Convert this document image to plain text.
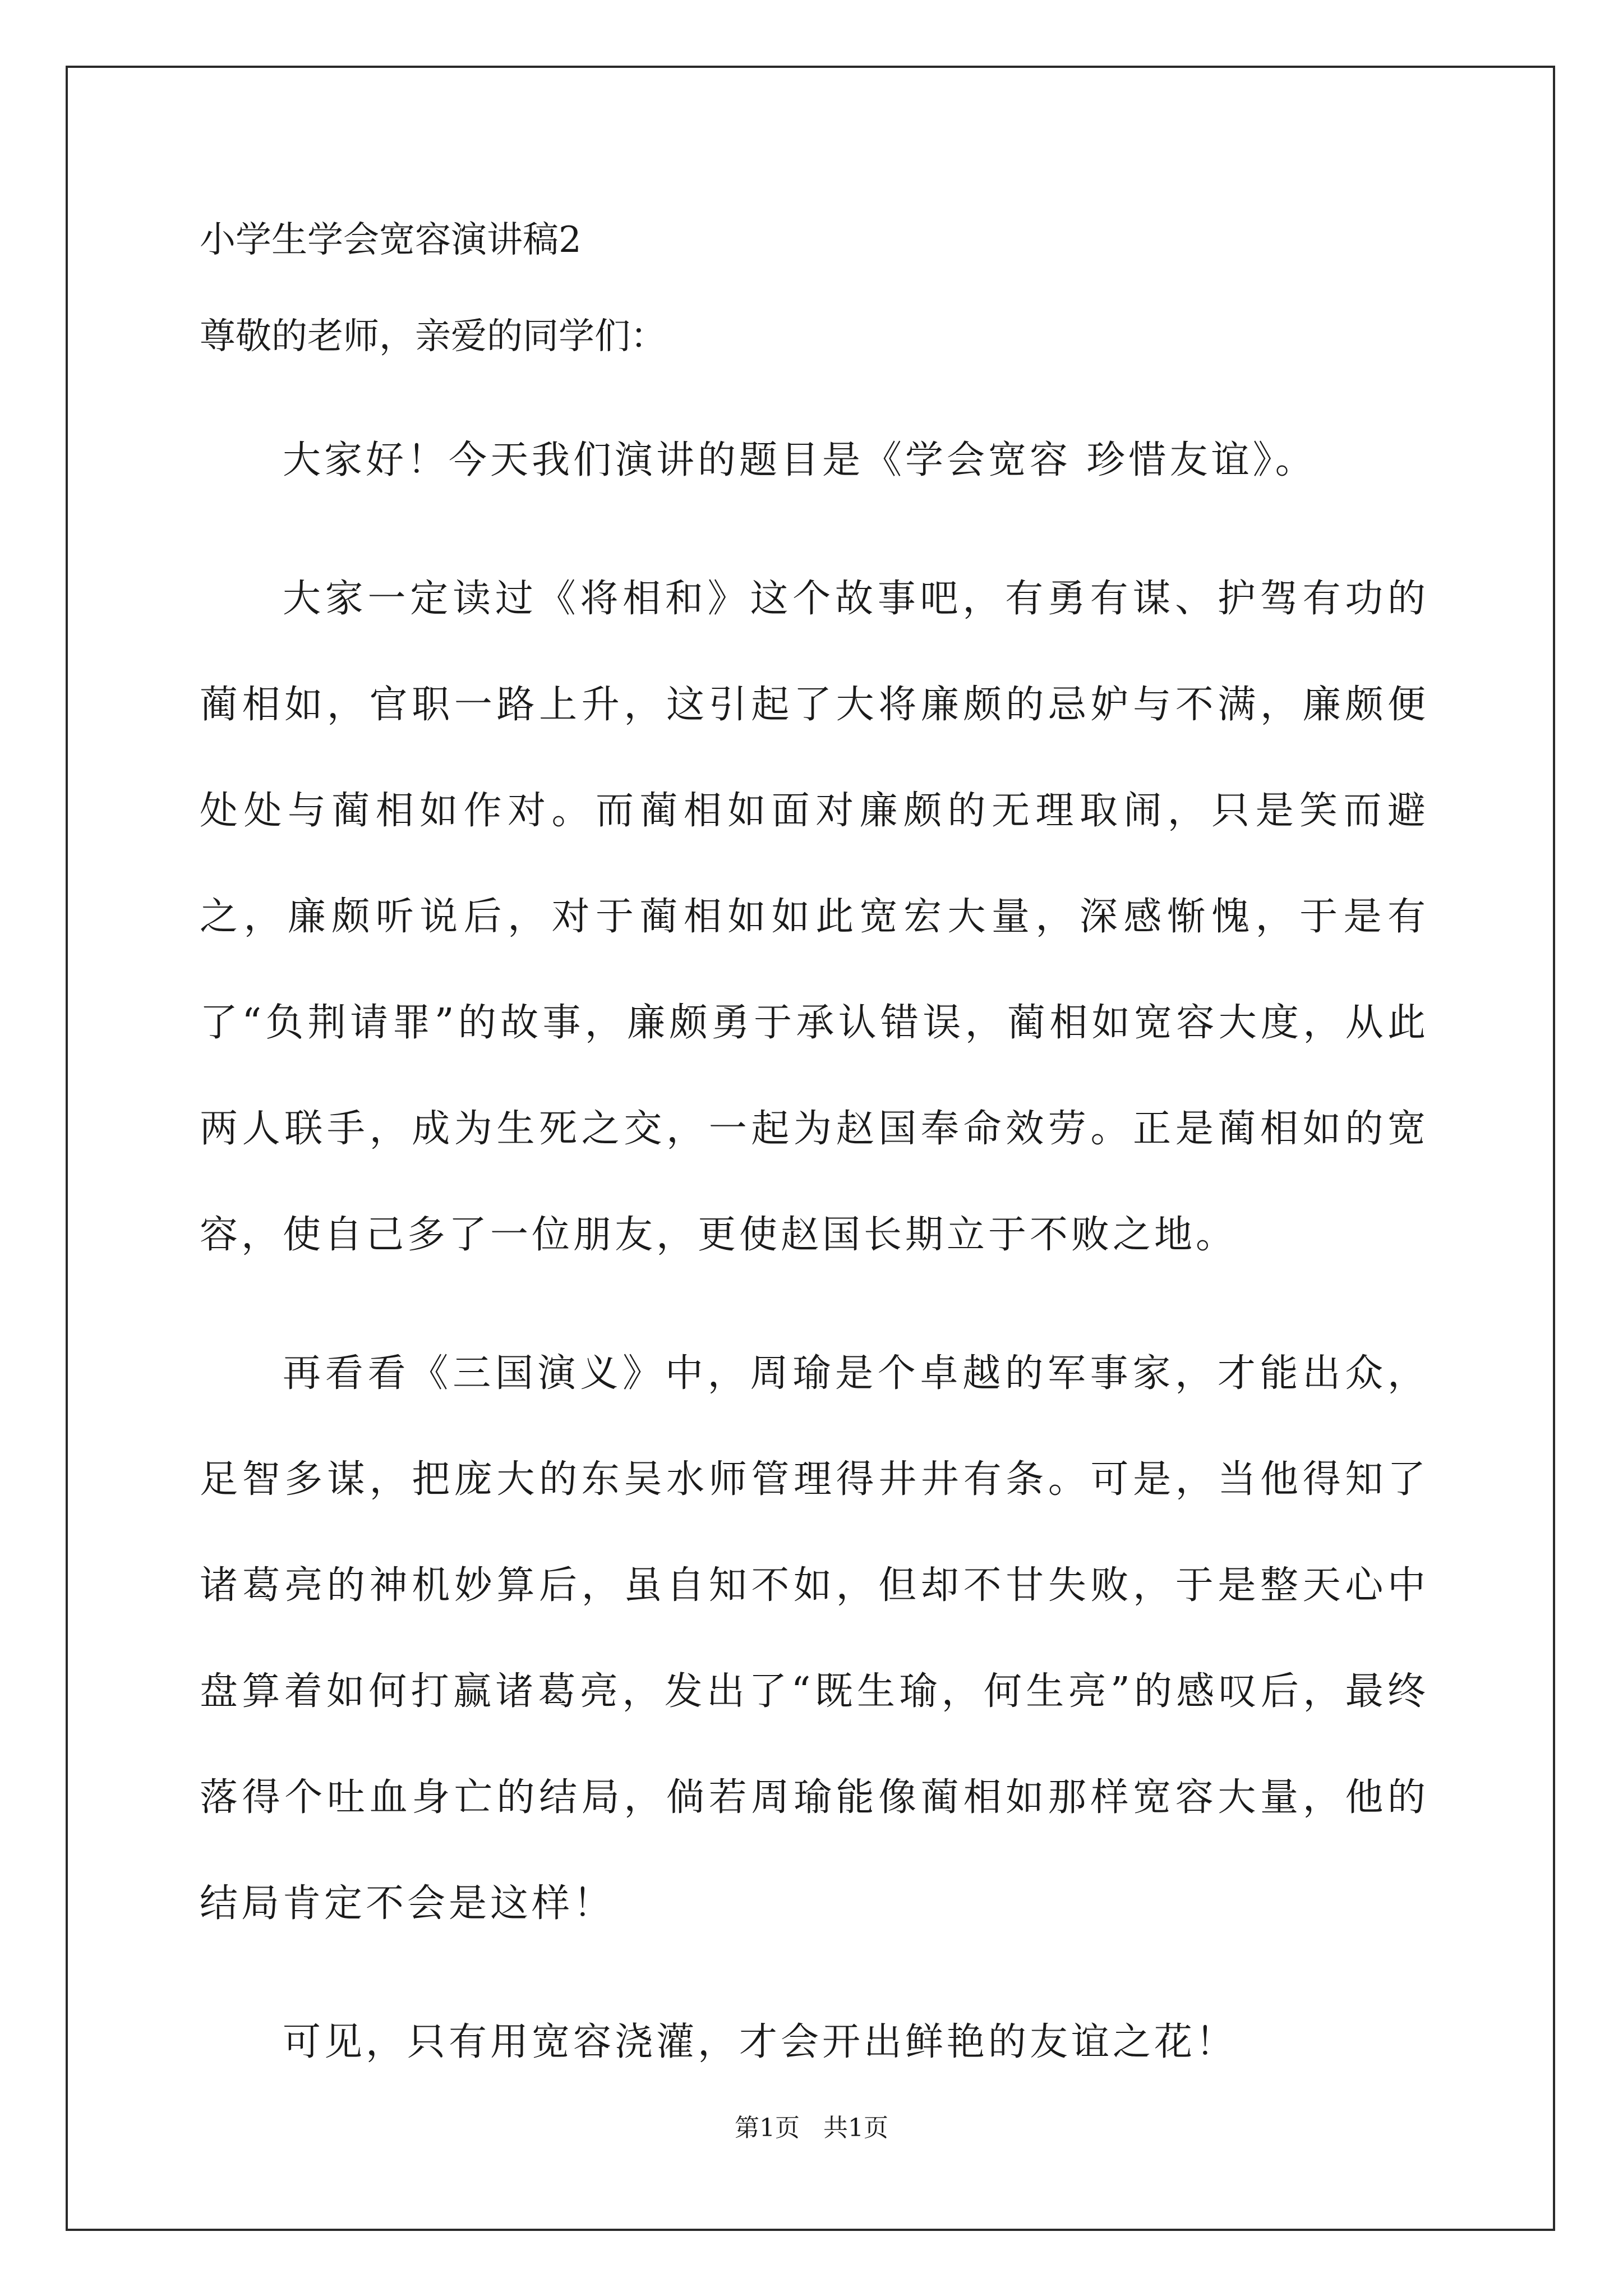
小学生学会宽容演讲稿2
尊敬的老师，亲爱的同学们：

大家好！今天我们演讲的题目是《学会宽容 珍惜友谊》。

大家一定读过《将相和》这个故事吧，有勇有谋、护驾有功的蔺相如，官职一路上升，这引起了大将廉颇的忌妒与不满，廉颇便处处与蔺相如作对。而蔺相如面对廉颇的无理取闹，只是笑而避之，廉颇听说后，对于蔺相如如此宽宏大量，深感惭愧，于是有了“负荆请罪”的故事，廉颇勇于承认错误，蔺相如宽容大度，从此两人联手，成为生死之交，一起为赵国奉命效劳。正是蔺相如的宽容，使自己多了一位朋友，更使赵国长期立于不败之地。

再看看《三国演义》中，周瑜是个卓越的军事家，才能出众，足智多谋，把庞大的东吴水师管理得井井有条。可是，当他得知了诸葛亮的神机妙算后，虽自知不如，但却不甘失败，于是整天心中盘算着如何打赢诸葛亮，发出了“既生瑜，何生亮”的感叹后，最终落得个吐血身亡的结局，倘若周瑜能像蔺相如那样宽容大量，他的结局肯定不会是这样！

可见，只有用宽容浇灌，才会开出鲜艳的友谊之花！

第1页   共1页
